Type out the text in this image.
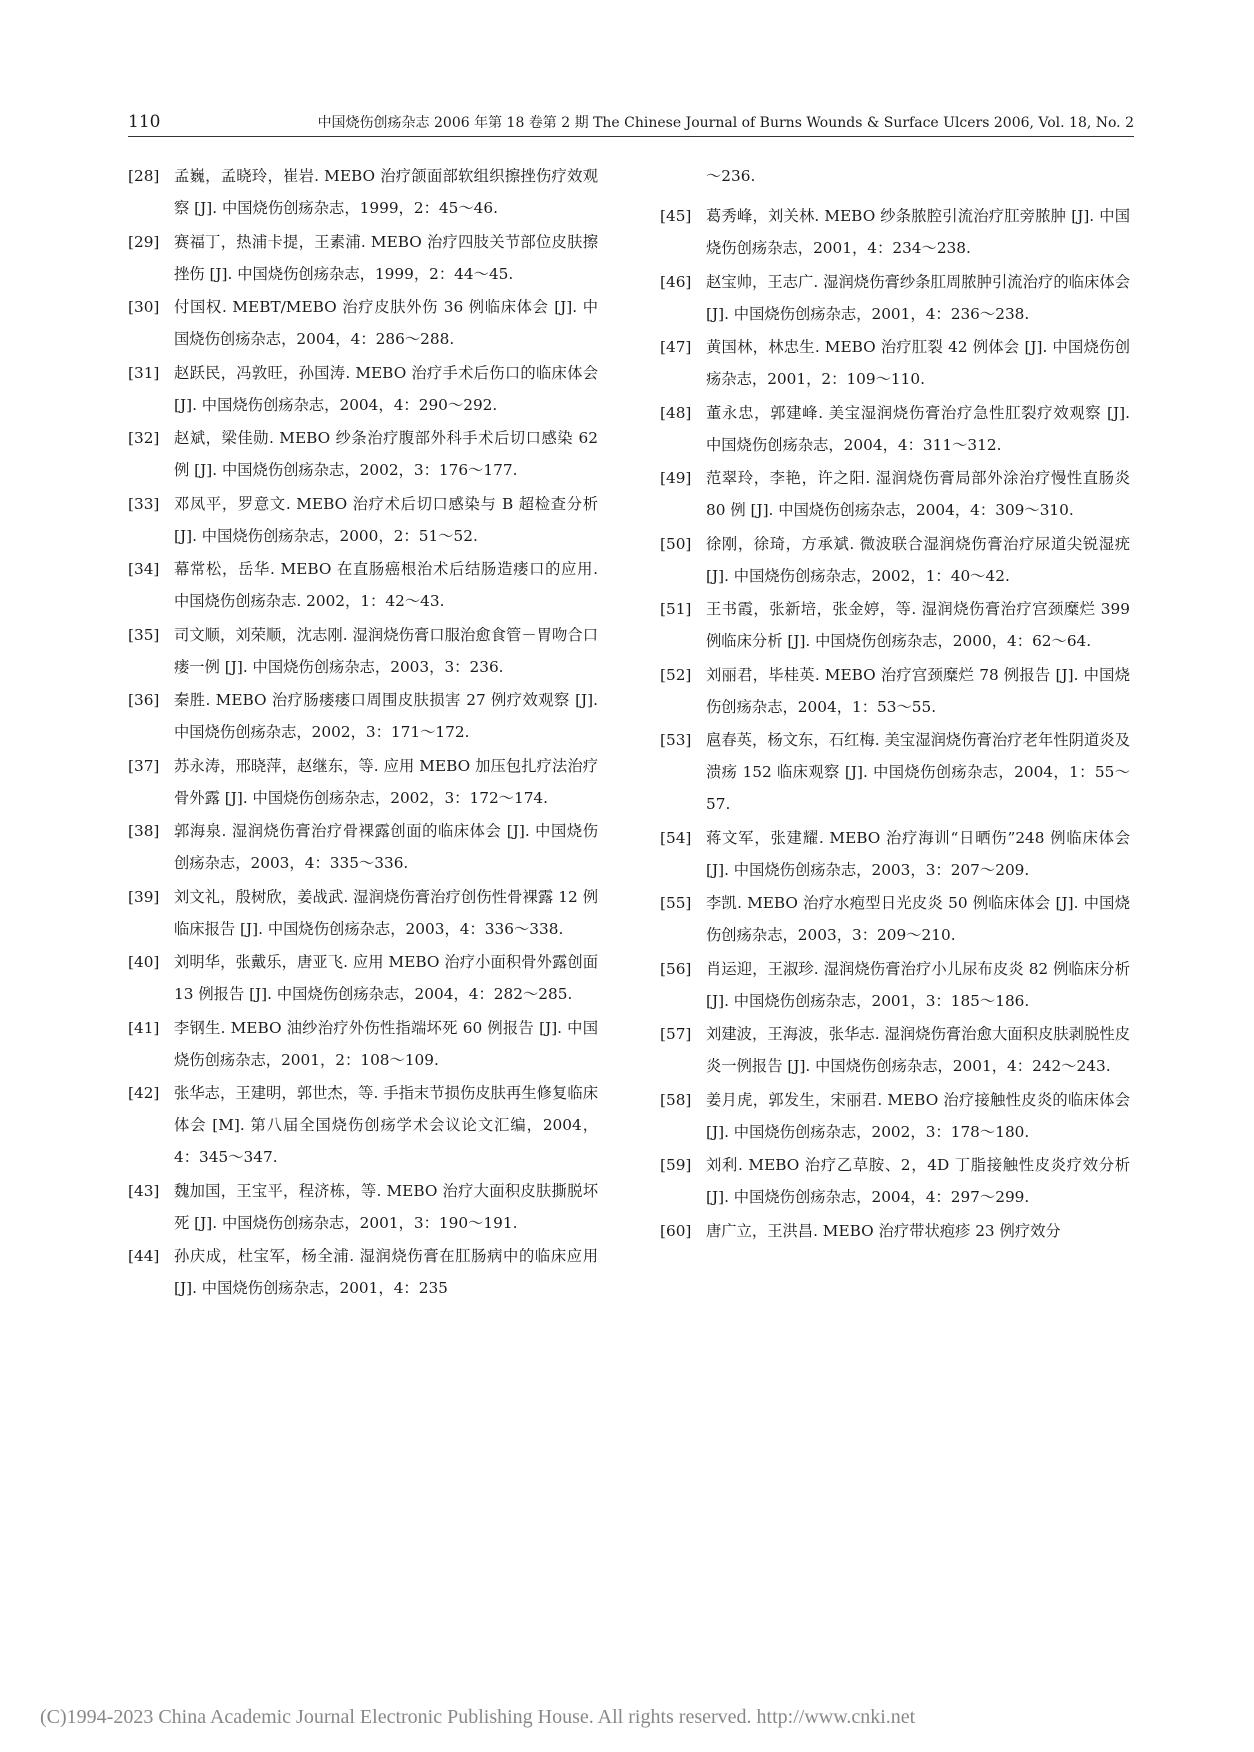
110	中国烧伤创疡杂志 2006 年第 18 卷第 2 期 The Chinese Journal of Burns Wounds & Surface Ulcers 2006, Vol. 18, No. 2
[28] 孟巍，孟晓玲，崔岩. MEBO 治疗颌面部软组织擦挫伤疗效观察 [J]. 中国烧伤创疡杂志，1999，2：45～46.
[29] 赛福丁，热浦卡提，王素浦. MEBO 治疗四肢关节部位皮肤擦挫伤 [J]. 中国烧伤创疡杂志，1999，2：44～45.
[30] 付国权. MEBT/MEBO 治疗皮肤外伤 36 例临床体会 [J]. 中国烧伤创疡杂志，2004，4：286～288.
[31] 赵跃民，冯敦旺，孙国涛. MEBO 治疗手术后伤口的临床体会 [J]. 中国烧伤创疡杂志，2004，4：290～292.
[32] 赵斌，梁佳勋. MEBO 纱条治疗腹部外科手术后切口感染 62 例 [J]. 中国烧伤创疡杂志，2002，3：176～177.
[33] 邓凤平，罗意文. MEBO 治疗术后切口感染与 B 超检查分析 [J]. 中国烧伤创疡杂志，2000，2：51～52.
[34] 幕常松，岳华. MEBO 在直肠癌根治术后结肠造瘘口的应用. 中国烧伤创疡杂志. 2002，1：42～43.
[35] 司文顺，刘荣顺，沈志刚. 湿润烧伤膏口服治愈食管－胃吻合口瘘一例 [J]. 中国烧伤创疡杂志，2003，3：236.
[36] 秦胜. MEBO 治疗肠瘘瘘口周围皮肤损害 27 例疗效观察 [J]. 中国烧伤创疡杂志，2002，3：171～172.
[37] 苏永涛，邢晓萍，赵继东，等. 应用 MEBO 加压包扎疗法治疗骨外露 [J]. 中国烧伤创疡杂志，2002，3：172～174.
[38] 郭海泉. 湿润烧伤膏治疗骨裸露创面的临床体会 [J]. 中国烧伤创疡杂志，2003，4：335～336.
[39] 刘文礼，殷树欣，姜战武. 湿润烧伤膏治疗创伤性骨裸露 12 例临床报告 [J]. 中国烧伤创疡杂志，2003，4：336～338.
[40] 刘明华，张戴乐，唐亚飞. 应用 MEBO 治疗小面积骨外露创面 13 例报告 [J]. 中国烧伤创疡杂志，2004，4：282～285.
[41] 李钢生. MEBO 油纱治疗外伤性指端坏死 60 例报告 [J]. 中国烧伤创疡杂志，2001，2：108～109.
[42] 张华志，王建明，郭世杰，等. 手指末节损伤皮肤再生修复临床体会 [M]. 第八届全国烧伤创疡学术会议论文汇编，2004，4：345～347.
[43] 魏加国，王宝平，程济栋，等. MEBO 治疗大面积皮肤撕脱坏死 [J]. 中国烧伤创疡杂志，2001，3：190～191.
[44] 孙庆成，杜宝军，杨全浦. 湿润烧伤膏在肛肠病中的临床应用 [J]. 中国烧伤创疡杂志，2001，4：235
～236.
[45] 葛秀峰，刘关林. MEBO 纱条脓腔引流治疗肛旁脓肿 [J]. 中国烧伤创疡杂志，2001，4：234～238.
[46] 赵宝帅，王志广. 湿润烧伤膏纱条肛周脓肿引流治疗的临床体会 [J]. 中国烧伤创疡杂志，2001，4：236～238.
[47] 黄国林，林忠生. MEBO 治疗肛裂 42 例体会 [J]. 中国烧伤创疡杂志，2001，2：109～110.
[48] 董永忠，郭建峰. 美宝湿润烧伤膏治疗急性肛裂疗效观察 [J]. 中国烧伤创疡杂志，2004，4：311～312.
[49] 范翠玲，李艳，许之阳. 湿润烧伤膏局部外涂治疗慢性直肠炎 80 例 [J]. 中国烧伤创疡杂志，2004，4：309～310.
[50] 徐刚，徐琦，方承斌. 微波联合湿润烧伤膏治疗尿道尖锐湿疣 [J]. 中国烧伤创疡杂志，2002，1：40～42.
[51] 王书霞，张新培，张金婷，等. 湿润烧伤膏治疗宫颈糜烂 399 例临床分析 [J]. 中国烧伤创疡杂志，2000，4：62～64.
[52] 刘丽君，毕桂英. MEBO 治疗宫颈糜烂 78 例报告 [J]. 中国烧伤创疡杂志，2004，1：53～55.
[53] 扈春英，杨文东，石红梅. 美宝湿润烧伤膏治疗老年性阴道炎及溃疡 152 临床观察 [J]. 中国烧伤创疡杂志，2004，1：55～57.
[54] 蒋文军，张建耀. MEBO 治疗海训“日晒伤”248 例临床体会 [J]. 中国烧伤创疡杂志，2003，3：207～209.
[55] 李凯. MEBO 治疗水疱型日光皮炎 50 例临床体会 [J]. 中国烧伤创疡杂志，2003，3：209～210.
[56] 肖运迎，王淑珍. 湿润烧伤膏治疗小儿尿布皮炎 82 例临床分析 [J]. 中国烧伤创疡杂志，2001，3：185～186.
[57] 刘建波，王海波，张华志. 湿润烧伤膏治愈大面积皮肤剥脱性皮炎一例报告 [J]. 中国烧伤创疡杂志，2001，4：242～243.
[58] 姜月虎，郭发生，宋丽君. MEBO 治疗接触性皮炎的临床体会 [J]. 中国烧伤创疡杂志，2002，3：178～180.
[59] 刘利. MEBO 治疗乙草胺、2，4D 丁脂接触性皮炎疗效分析 [J]. 中国烧伤创疡杂志，2004，4：297～299.
[60] 唐广立，王洪昌. MEBO 治疗带状疱疹 23 例疗效分
(C)1994-2023 China Academic Journal Electronic Publishing House. All rights reserved. http://www.cnki.net
